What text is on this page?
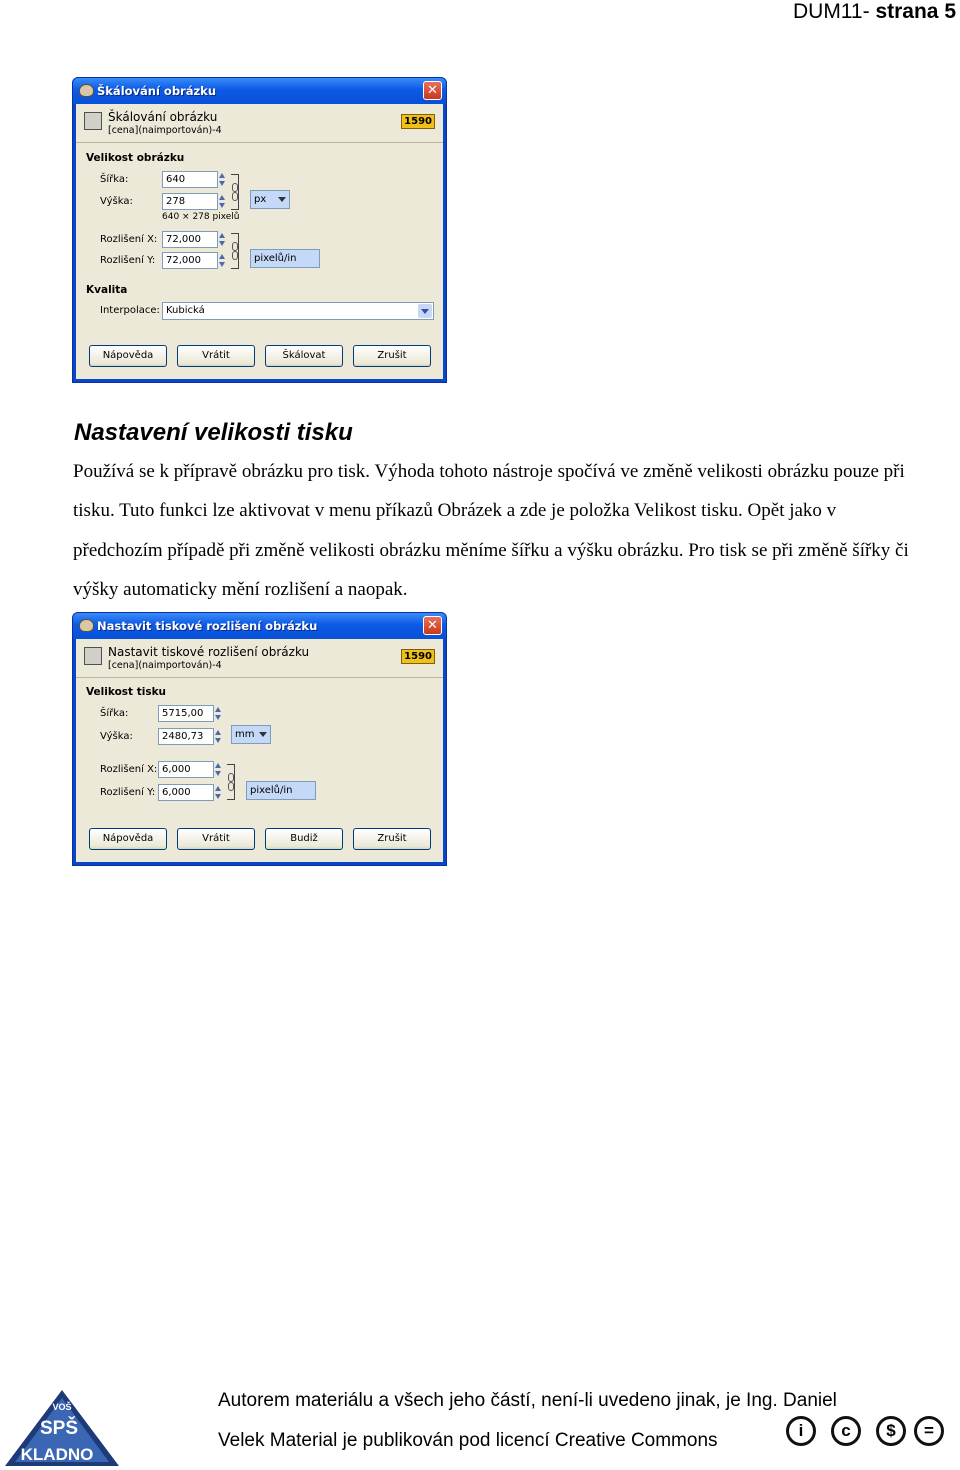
DUM11- strana 5
Škálování obrázku	✕
Škálování obrázku
[cena](naimportován)-4
1590
Velikost obrázku
Šířka:	640
Výška:	278	px
640 × 278 pixelů
Rozlišení X: 72,000
Rozlišení Y:	72,000	pixelů/in
Kvalita
Interpolace: Kubická
Nápověda	Vrátit	Škálovat	Zrušit
Nastavení velikosti tisku
Používá se k přípravě obrázku pro tisk. Výhoda tohoto nástroje spočívá ve změně velikosti obrázku pouze při tisku. Tuto funkci lze aktivovat v menu příkazů Obrázek a zde je položka Velikost tisku. Opět jako v předchozím případě při změně velikosti obrázku měníme šířku a výšku obrázku. Pro tisk se při změně šířky či výšky automaticky mění rozlišení a naopak.
Nastavit tiskové rozlišení obrázku	✕
Nastavit tiskové rozlišení obrázku
[cena](naimportován)-4
1590
Velikost tisku
Šířka:	5715,00
Výška:	2480,73	mm
Rozlišení X: 6,000
Rozlišení Y: 6,000	pixelů/in
Nápověda	Vrátit	Budiž	Zrušit
VOŠ
SPŠ
KLADNO
Autorem materiálu a všech jeho částí, není-li uvedeno jinak, je Ing. Daniel
Velek Material je publikován pod licencí Creative Commons	i	c	$	=
